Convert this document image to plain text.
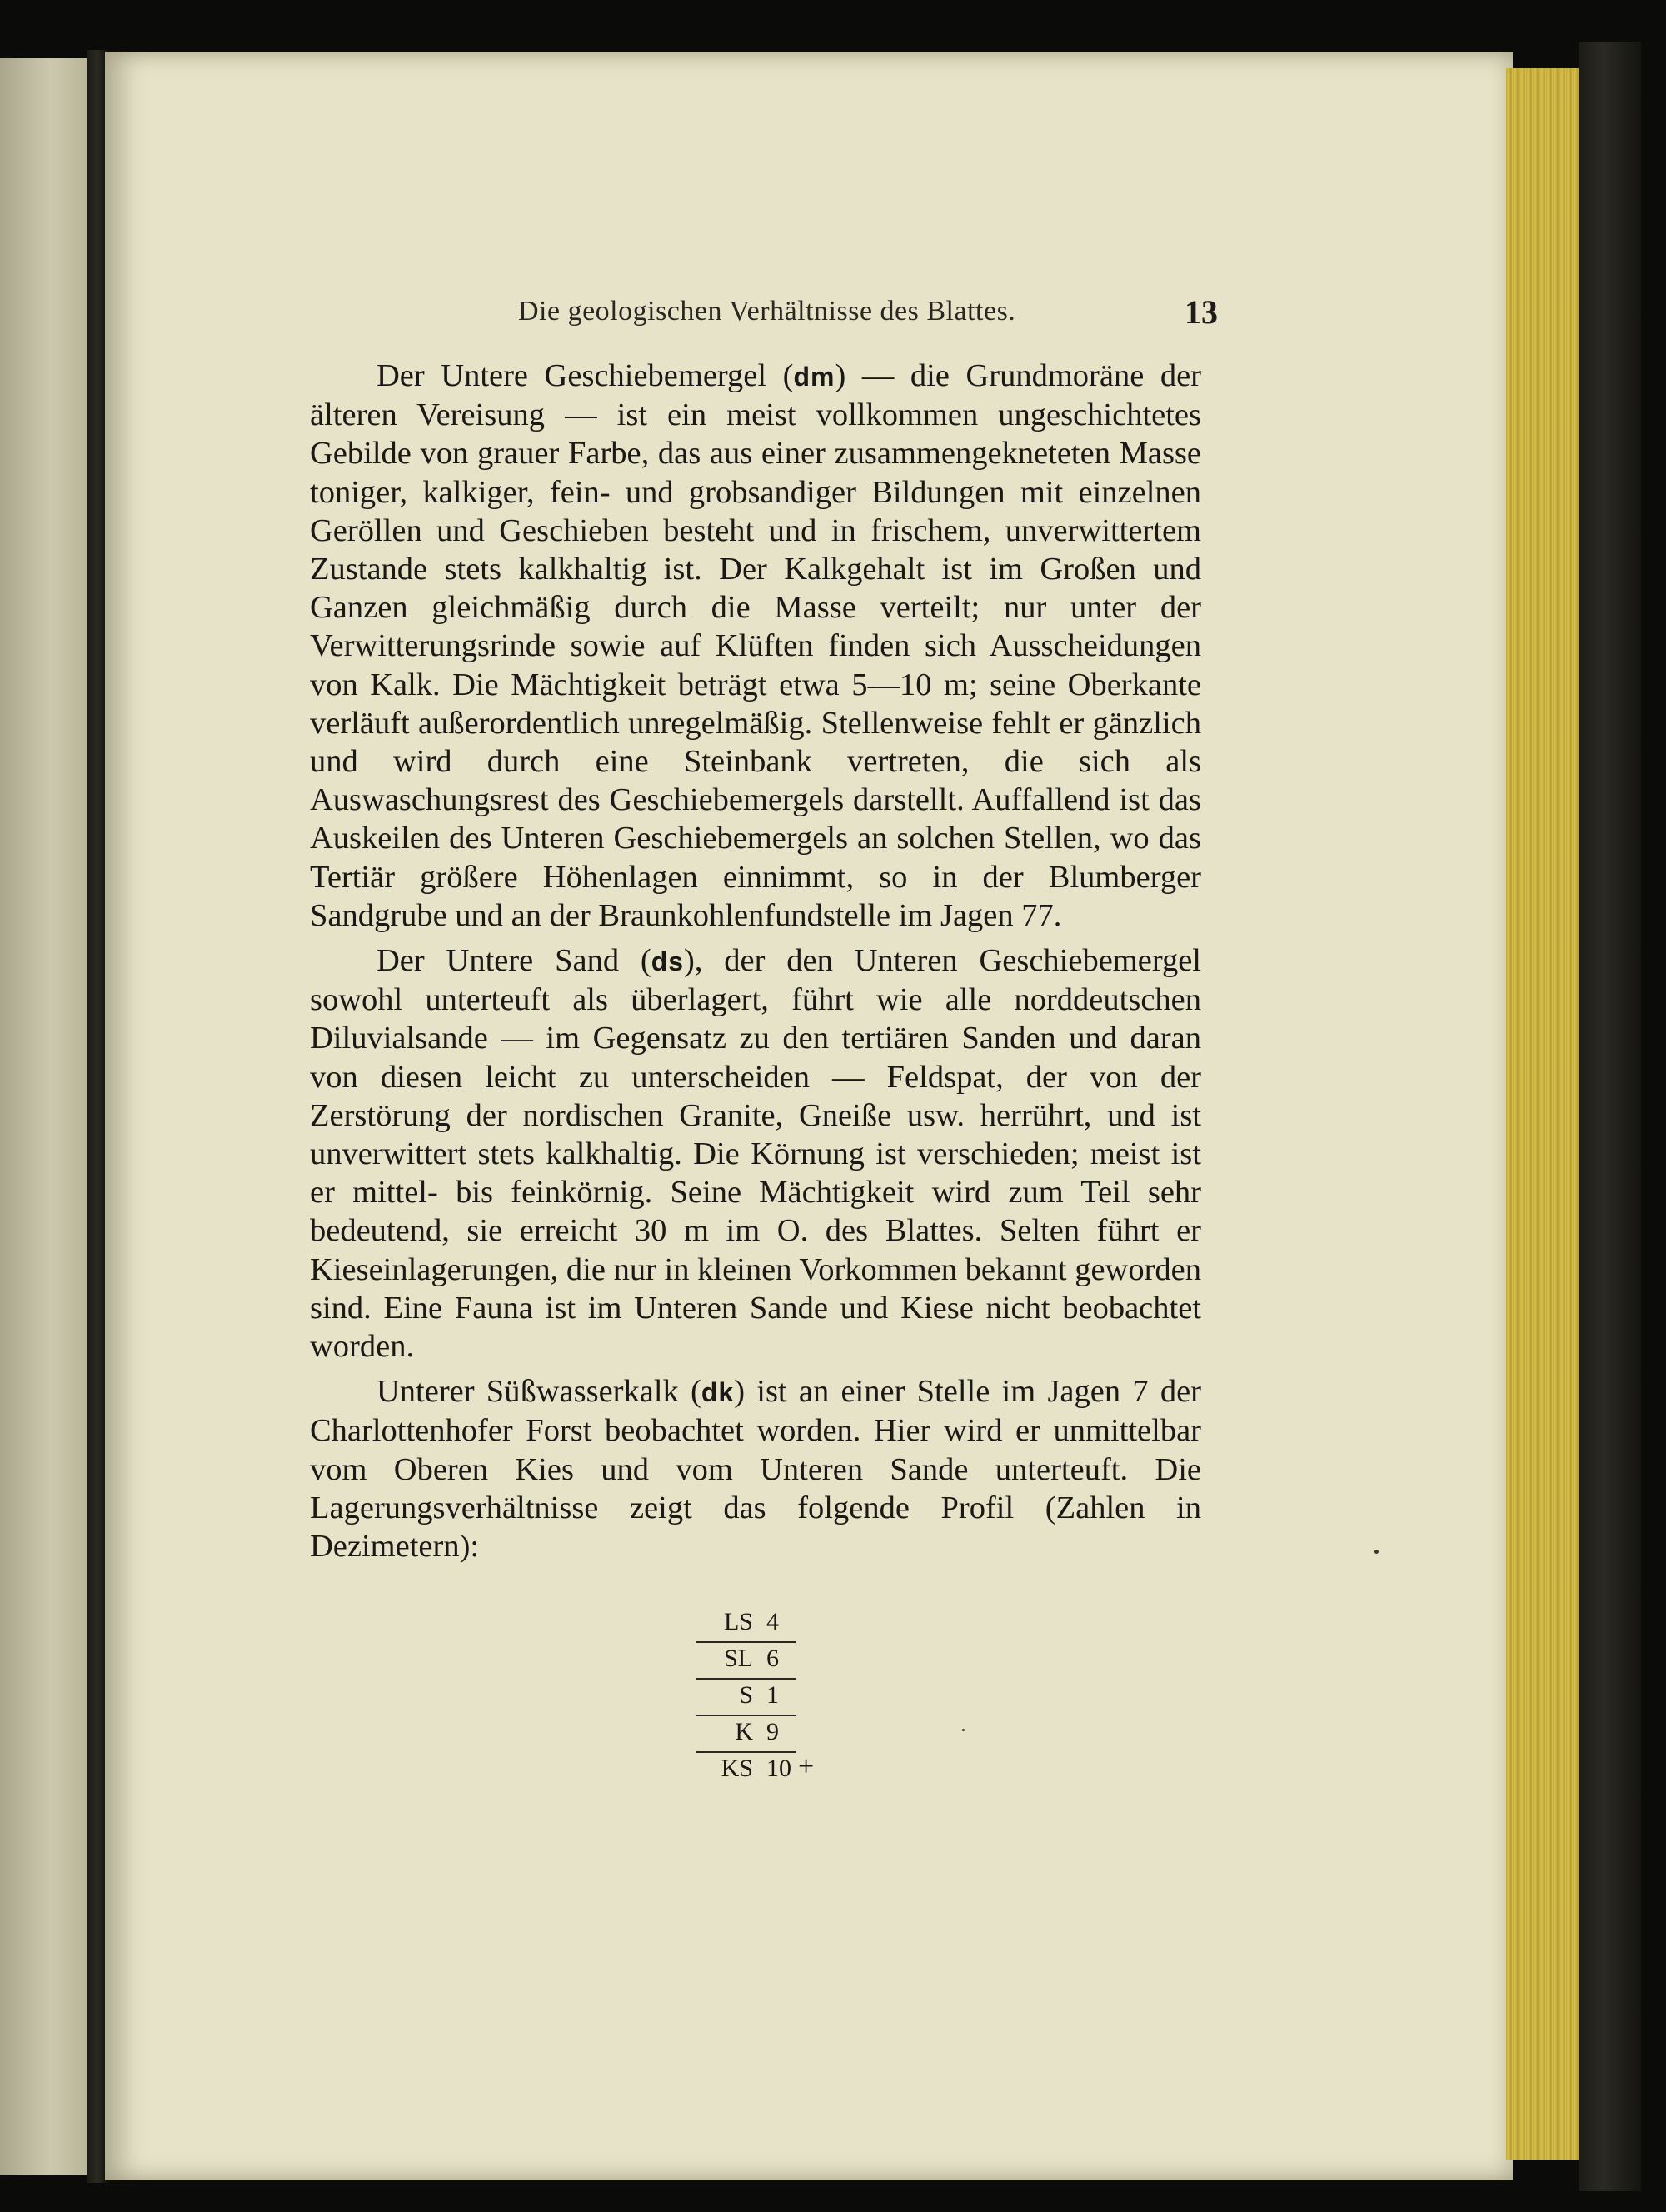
Die geologischen Verhältnisse des Blattes.	13

Der Untere Geschiebemergel (dm) — die Grundmoräne der älteren Vereisung — ist ein meist vollkommen ungeschichtetes Gebilde von grauer Farbe, das aus einer zusammengekneteten Masse toniger, kalkiger, fein- und grobsandiger Bildungen mit einzelnen Geröllen und Geschieben besteht und in frischem, unverwittertem Zustande stets kalkhaltig ist. Der Kalkgehalt ist im Großen und Ganzen gleichmäßig durch die Masse verteilt; nur unter der Verwitterungsrinde sowie auf Klüften finden sich Ausscheidungen von Kalk. Die Mächtigkeit beträgt etwa 5—10 m; seine Oberkante verläuft außerordentlich unregelmäßig. Stellenweise fehlt er gänzlich und wird durch eine Steinbank vertreten, die sich als Auswaschungsrest des Geschiebemergels darstellt. Auffallend ist das Auskeilen des Unteren Geschiebemergels an solchen Stellen, wo das Tertiär größere Höhenlagen einnimmt, so in der Blumberger Sandgrube und an der Braunkohlenfundstelle im Jagen 77.

Der Untere Sand (ds), der den Unteren Geschiebemergel sowohl unterteuft als überlagert, führt wie alle norddeutschen Diluvialsande — im Gegensatz zu den tertiären Sanden und daran von diesen leicht zu unterscheiden — Feldspat, der von der Zerstörung der nordischen Granite, Gneiße usw. herrührt, und ist unverwittert stets kalkhaltig. Die Körnung ist verschieden; meist ist er mittel- bis feinkörnig. Seine Mächtigkeit wird zum Teil sehr bedeutend, sie erreicht 30 m im O. des Blattes. Selten führt er Kieseinlagerungen, die nur in kleinen Vorkommen bekannt geworden sind. Eine Fauna ist im Unteren Sande und Kiese nicht beobachtet worden.

Unterer Süßwasserkalk (dk) ist an einer Stelle im Jagen 7 der Charlottenhofer Forst beobachtet worden. Hier wird er unmittelbar vom Oberen Kies und vom Unteren Sande unterteuft. Die Lagerungsverhältnisse zeigt das folgende Profil (Zahlen in Dezimetern):

LS 4
SL 6
S 1
K 9
KS 10 +
